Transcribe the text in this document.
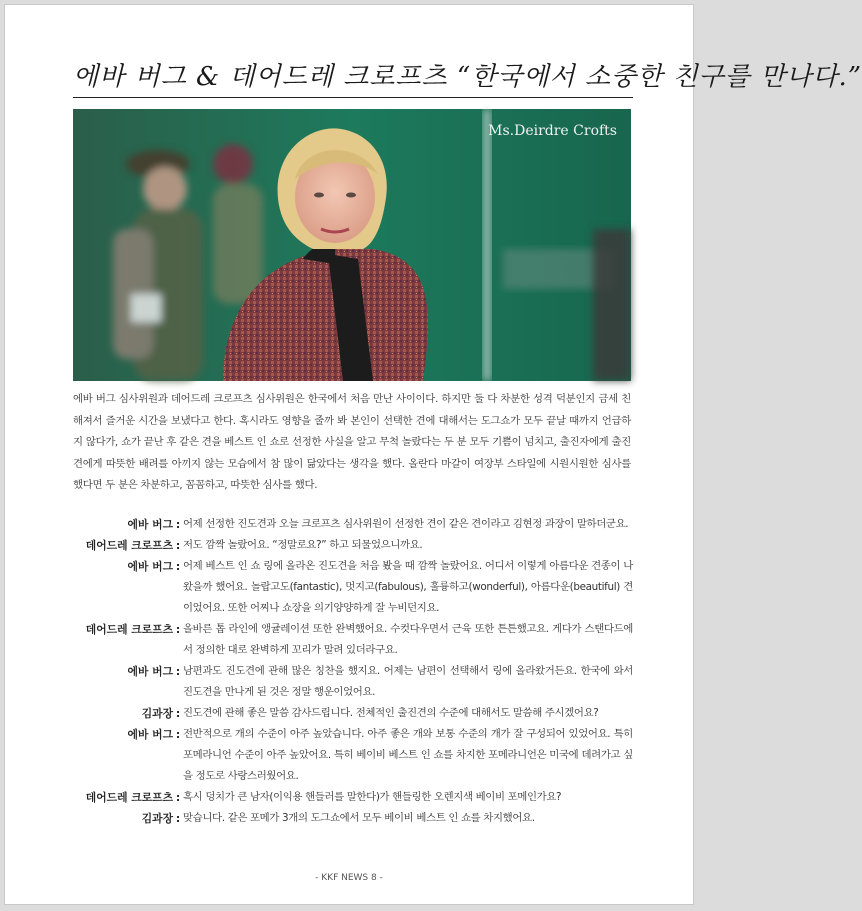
에바 버그 & 데어드레 크로프츠 “한국에서 소중한 친구를 만나다.”
Ms.Deirdre Crofts
에바 버그 심사위원과 데어드레 크로프츠 심사위원은 한국에서 처음 만난 사이이다. 하지만 둘 다 차분한 성격 덕분인지 금세 친해져서 즐거운 시간을 보냈다고 한다. 혹시라도 영향을 줄까 봐 본인이 선택한 견에 대해서는 도그쇼가 모두 끝날 때까지 언급하지 않다가, 쇼가 끝난 후 같은 견을 베스트 인 쇼로 선정한 사실을 알고 무척 놀랐다는 두 분 모두 기쁨이 넘치고, 출진자에게 출진견에게 따뜻한 배려를 아끼지 않는 모습에서 참 많이 닮았다는 생각을 했다. 올란다 마갈이 여장부 스타일에 시원시원한 심사를 했다면 두 분은 차분하고, 꼼꼼하고, 따뜻한 심사를 했다.
에바 버그 : 어제 선정한 진도견과 오늘 크로프츠 심사위원이 선정한 견이 같은 견이라고 김현정 과장이 말하더군요.
데어드레 크로프츠 : 저도 깜짝 놀랐어요. “정말로요?” 하고 되물었으니까요.
에바 버그 : 어제 베스트 인 쇼 링에 올라온 진도견을 처음 봤을 때 깜짝 놀랐어요. 어디서 이렇게 아름다운 견종이 나왔을까 했어요. 놀랍고도(fantastic), 멋지고(fabulous), 훌륭하고(wonderful), 아름다운(beautiful) 견이었어요. 또한 어찌나 쇼장을 의기양양하게 잘 누비던지요.
데어드레 크로프츠 : 올바른 톱 라인에 앵귤레이션 또한 완벽했어요. 수컷다우면서 근육 또한 튼튼했고요. 게다가 스탠다드에서 정의한 대로 완벽하게 꼬리가 말려 있더라구요.
에바 버그 : 남편과도 진도견에 관해 많은 칭찬을 했지요. 어제는 남편이 선택해서 링에 올라왔거든요. 한국에 와서 진도견을 만나게 된 것은 정말 행운이었어요.
김과장 : 진도견에 관해 좋은 말씀 감사드립니다. 전체적인 출진견의 수준에 대해서도 말씀해 주시겠어요?
에바 버그 : 전반적으로 개의 수준이 아주 높았습니다. 아주 좋은 개와 보통 수준의 개가 잘 구성되어 있었어요. 특히 포메라니언 수준이 아주 높았어요. 특히 베이비 베스트 인 쇼를 차지한 포메라니언은 미국에 데려가고 싶을 정도로 사랑스러웠어요.
데어드레 크로프츠 : 혹시 덩치가 큰 남자(이익용 핸들러를 말한다)가 핸들링한 오렌지색 베이비 포메인가요?
김과장 : 맞습니다. 같은 포메가 3개의 도그쇼에서 모두 베이비 베스트 인 쇼를 차지했어요.
- KKF NEWS 8 -
